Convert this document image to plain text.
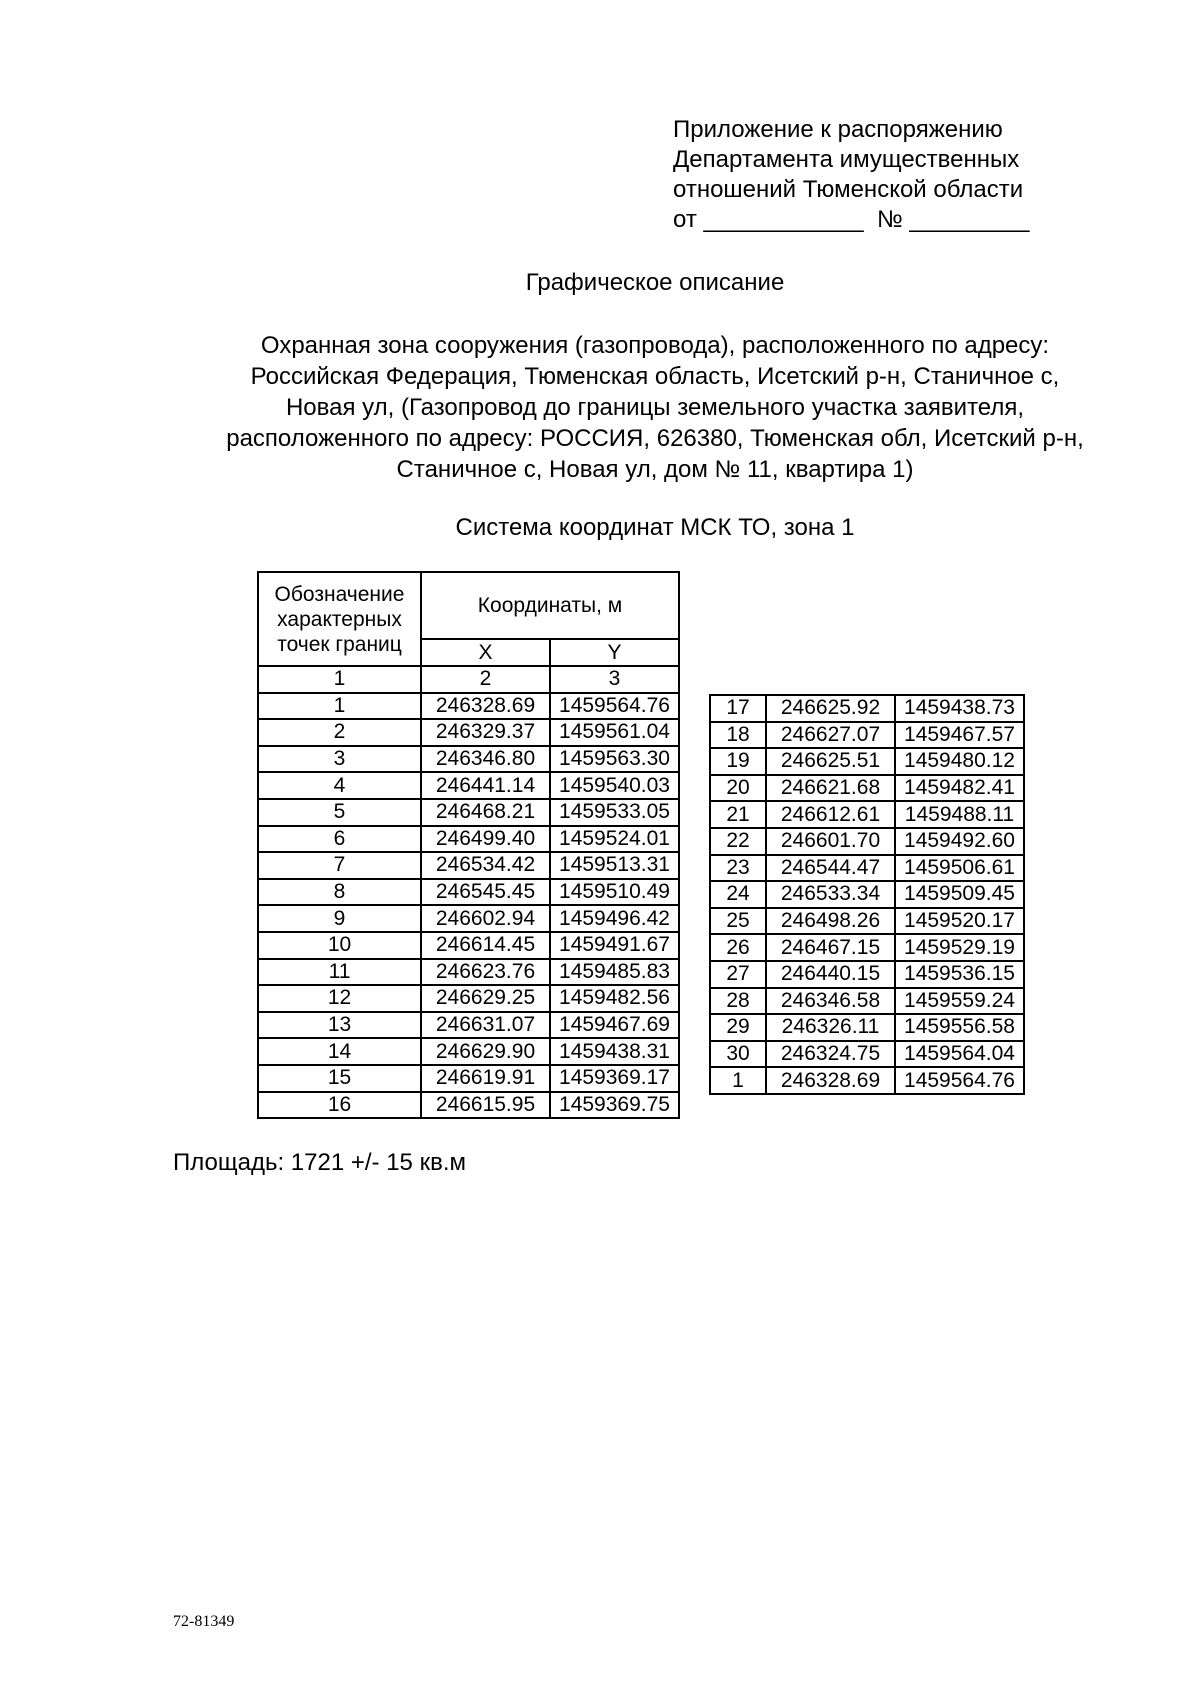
Приложение к распоряжению
Департамента имущественных
отношений Тюменской области
от ____________  № _________
Графическое описание
Охранная зона сооружения (газопровода), расположенного по адресу:
Российская Федерация, Тюменская область, Исетский р-н, Станичное с,
Новая ул, (Газопровод до границы земельного участка заявителя,
расположенного по адресу: РОССИЯ, 626380, Тюменская обл, Исетский р-н,
Станичное с, Новая ул, дом № 11, квартира 1)
Система координат МСК ТО, зона 1
Обозначение характерных точек границ	Координаты, м	
	X	Y
1	2	3
1	246328.69	1459564.76
2	246329.37	1459561.04
3	246346.80	1459563.30
4	246441.14	1459540.03
5	246468.21	1459533.05
6	246499.40	1459524.01
7	246534.42	1459513.31
8	246545.45	1459510.49
9	246602.94	1459496.42
10	246614.45	1459491.67
11	246623.76	1459485.83
12	246629.25	1459482.56
13	246631.07	1459467.69
14	246629.90	1459438.31
15	246619.91	1459369.17
16	246615.95	1459369.75
17	246625.92	1459438.73
18	246627.07	1459467.57
19	246625.51	1459480.12
20	246621.68	1459482.41
21	246612.61	1459488.11
22	246601.70	1459492.60
23	246544.47	1459506.61
24	246533.34	1459509.45
25	246498.26	1459520.17
26	246467.15	1459529.19
27	246440.15	1459536.15
28	246346.58	1459559.24
29	246326.11	1459556.58
30	246324.75	1459564.04
1	246328.69	1459564.76
Площадь: 1721 +/- 15 кв.м
72-81349
